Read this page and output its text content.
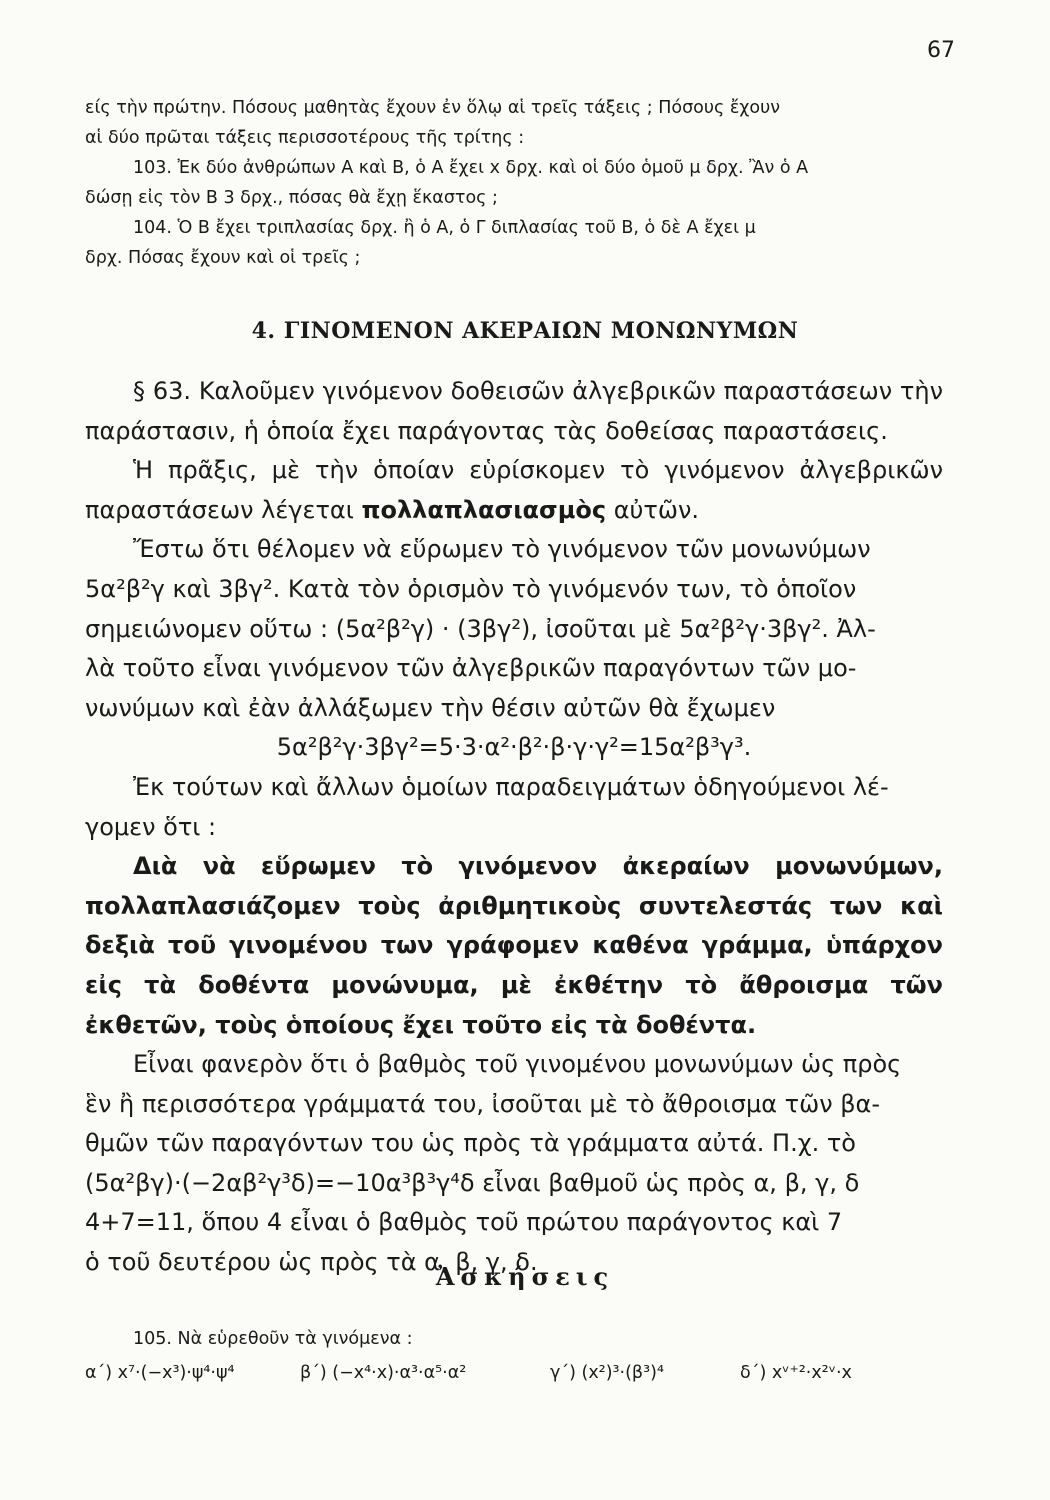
67

είς τὴν πρώτην. Πόσους μαθητὰς ἔχουν ἐν ὅλῳ αἱ τρεῖς τάξεις ; Πόσους ἔχουν

αἱ δύο πρῶται τάξεις περισσοτέρους τῆς τρίτης :

103. Ἐκ δύο ἀνθρώπων Α καὶ Β, ὁ Α ἔχει x δρχ. καὶ οἱ δύο ὁμοῦ μ δρχ. Ἂν ὁ Α

δώσῃ εἰς τὸν Β 3 δρχ., πόσας θὰ ἔχῃ ἕκαστος ;

104. Ὁ Β ἔχει τριπλασίας δρχ. ἢ ὁ Α, ὁ Γ διπλασίας τοῦ Β, ὁ δὲ Α ἔχει μ

δρχ. Πόσας ἔχουν καὶ οἱ τρεῖς ;

4. ΓΙΝΟΜΕΝΟΝ ΑΚΕΡΑΙΩΝ ΜΟΝΩΝΥΜΩΝ

§ 63. Καλοῦμεν γινόμενον δοθεισῶν ἀλγεβρικῶν παραστάσεων τὴν παράστασιν, ἡ ὁποία ἔχει παράγοντας τὰς δοθείσας παραστάσεις.

Ἡ πρᾶξις, μὲ τὴν ὁποίαν εὑρίσκομεν τὸ γινόμενον ἀλγεβρικῶν παραστάσεων λέγεται πολλαπλασιασμὸς αὐτῶν.

Ἔστω ὅτι θέλομεν νὰ εὕρωμεν τὸ γινόμενον τῶν μονωνύμων

5α²β²γ καὶ 3βγ². Κατὰ τὸν ὁρισμὸν τὸ γινόμενόν των, τὸ ὁποῖον

σημειώνομεν οὕτω : (5α²β²γ) · (3βγ²), ἰσοῦται μὲ 5α²β²γ·3βγ². Ἀλ-

λὰ τοῦτο εἶναι γινόμενον τῶν ἀλγεβρικῶν παραγόντων τῶν μο-

νωνύμων καὶ ἐὰν ἀλλάξωμεν τὴν θέσιν αὐτῶν θὰ ἔχωμεν

5α²β²γ·3βγ²=5·3·α²·β²·β·γ·γ²=15α²β³γ³.

Ἐκ τούτων καὶ ἄλλων ὁμοίων παραδειγμάτων ὁδηγούμενοι λέ-

γομεν ὅτι :

Διὰ νὰ εὕρωμεν τὸ γινόμενον ἀκεραίων μονωνύμων, πολλαπλασιάζομεν τοὺς ἀριθμητικοὺς συντελεστάς των καὶ δεξιὰ τοῦ γινομένου των γράφομεν καθένα γράμμα, ὑπάρχον εἰς τὰ δοθέντα μονώνυμα, μὲ ἐκθέτην τὸ ἄθροισμα τῶν ἐκθετῶν, τοὺς ὁποίους ἔχει τοῦτο εἰς τὰ δοθέντα.

Εἶναι φανερὸν ὅτι ὁ βαθμὸς τοῦ γινομένου μονωνύμων ὡς πρὸς

ἓν ἢ περισσότερα γράμματά του, ἰσοῦται μὲ τὸ ἄθροισμα τῶν βα-

θμῶν τῶν παραγόντων του ὡς πρὸς τὰ γράμματα αὐτά. Π.χ. τὸ

(5α²βγ)·(−2αβ²γ³δ)=−10α³β³γ⁴δ εἶναι βαθμοῦ ὡς πρὸς α, β, γ, δ

4+7=11, ὅπου 4 εἶναι ὁ βαθμὸς τοῦ πρώτου παράγοντος καὶ 7

ὁ τοῦ δευτέρου ὡς πρὸς τὰ α, β, γ, δ.

Ἀσκήσεις

105. Νὰ εὑρεθοῦν τὰ γινόμενα :

α΄) x⁷·(−x³)·ψ⁴·ψ⁴	β΄) (−x⁴·x)·α³·α⁵·α²	γ΄) (x²)³·(β³)⁴	δ΄) xᵛ⁺²·x²ᵛ·x
